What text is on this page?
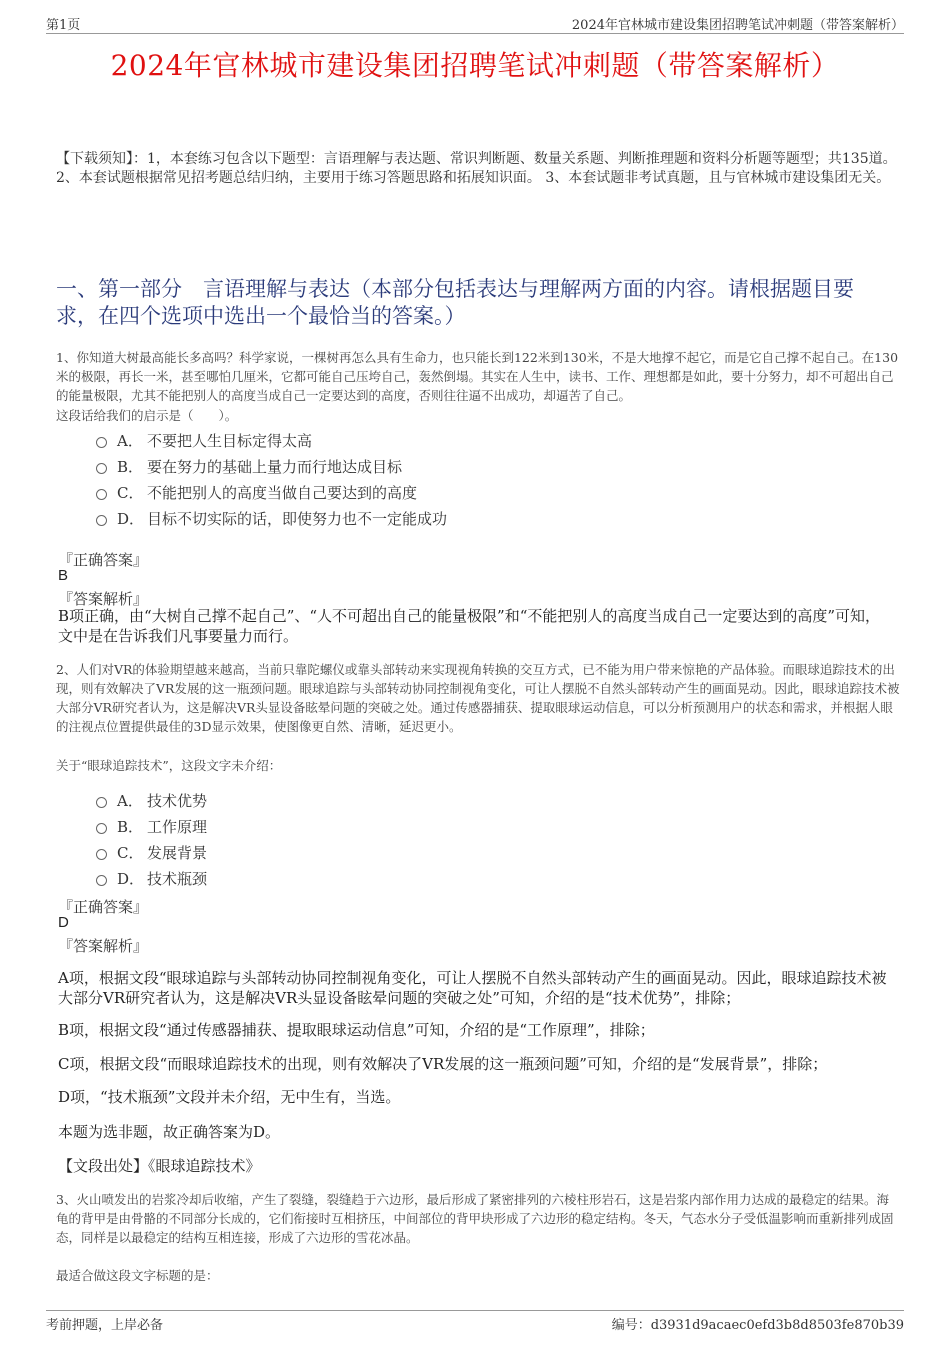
第1页	2024年官林城市建设集团招聘笔试冲刺题（带答案解析）
2024年官林城市建设集团招聘笔试冲刺题（带答案解析）
【下载须知】：1，本套练习包含以下题型：言语理解与表达题、常识判断题、数量关系题、判断推理题和资料分析题等题型；共135道。 2、本套试题根据常见招考题总结归纳，主要用于练习答题思路和拓展知识面。 3、本套试题非考试真题，且与官林城市建设集团无关。
一、第一部分　言语理解与表达（本部分包括表达与理解两方面的内容。请根据题目要求，在四个选项中选出一个最恰当的答案。）
1、你知道大树最高能长多高吗？科学家说，一棵树再怎么具有生命力，也只能长到122米到130米，不是大地撑不起它，而是它自己撑不起自己。在130米的极限，再长一米，甚至哪怕几厘米，它都可能自己压垮自己，轰然倒塌。其实在人生中，读书、工作、理想都是如此，要十分努力，却不可超出自己的能量极限，尤其不能把别人的高度当成自己一定要达到的高度，否则往往逼不出成功，却逼苦了自己。
这段话给我们的启示是（　　）。
A． 不要把人生目标定得太高
B． 要在努力的基础上量力而行地达成目标
C． 不能把别人的高度当做自己要达到的高度
D． 目标不切实际的话，即使努力也不一定能成功
『正确答案』
B
『答案解析』
B项正确，由“大树自己撑不起自己”、“人不可超出自己的能量极限”和“不能把别人的高度当成自己一定要达到的高度”可知，文中是在告诉我们凡事要量力而行。
2、人们对VR的体验期望越来越高，当前只靠陀螺仪或靠头部转动来实现视角转换的交互方式，已不能为用户带来惊艳的产品体验。而眼球追踪技术的出现，则有效解决了VR发展的这一瓶颈问题。眼球追踪与头部转动协同控制视角变化，可让人摆脱不自然头部转动产生的画面晃动。因此，眼球追踪技术被大部分VR研究者认为，这是解决VR头显设备眩晕问题的突破之处。通过传感器捕获、提取眼球运动信息，可以分析预测用户的状态和需求，并根据人眼的注视点位置提供最佳的3D显示效果，使图像更自然、清晰，延迟更小。
关于“眼球追踪技术”，这段文字未介绍：
A． 技术优势
B． 工作原理
C． 发展背景
D． 技术瓶颈
『正确答案』
D
『答案解析』
A项，根据文段“眼球追踪与头部转动协同控制视角变化，可让人摆脱不自然头部转动产生的画面晃动。因此，眼球追踪技术被大部分VR研究者认为，这是解决VR头显设备眩晕问题的突破之处”可知，介绍的是“技术优势”，排除；
B项，根据文段“通过传感器捕获、提取眼球运动信息”可知，介绍的是“工作原理”，排除；
C项，根据文段“而眼球追踪技术的出现，则有效解决了VR发展的这一瓶颈问题”可知，介绍的是“发展背景”，排除；
D项，“技术瓶颈”文段并未介绍，无中生有，当选。
本题为选非题，故正确答案为D。
【文段出处】《眼球追踪技术》
3、火山喷发出的岩浆冷却后收缩，产生了裂缝，裂缝趋于六边形，最后形成了紧密排列的六棱柱形岩石，这是岩浆内部作用力达成的最稳定的结果。海龟的背甲是由骨骼的不同部分长成的，它们衔接时互相挤压，中间部位的背甲块形成了六边形的稳定结构。冬天，气态水分子受低温影响而重新排列成固态，同样是以最稳定的结构互相连接，形成了六边形的雪花冰晶。
最适合做这段文字标题的是：
考前押题，上岸必备	编号：d3931d9acaec0efd3b8d8503fe870b39
